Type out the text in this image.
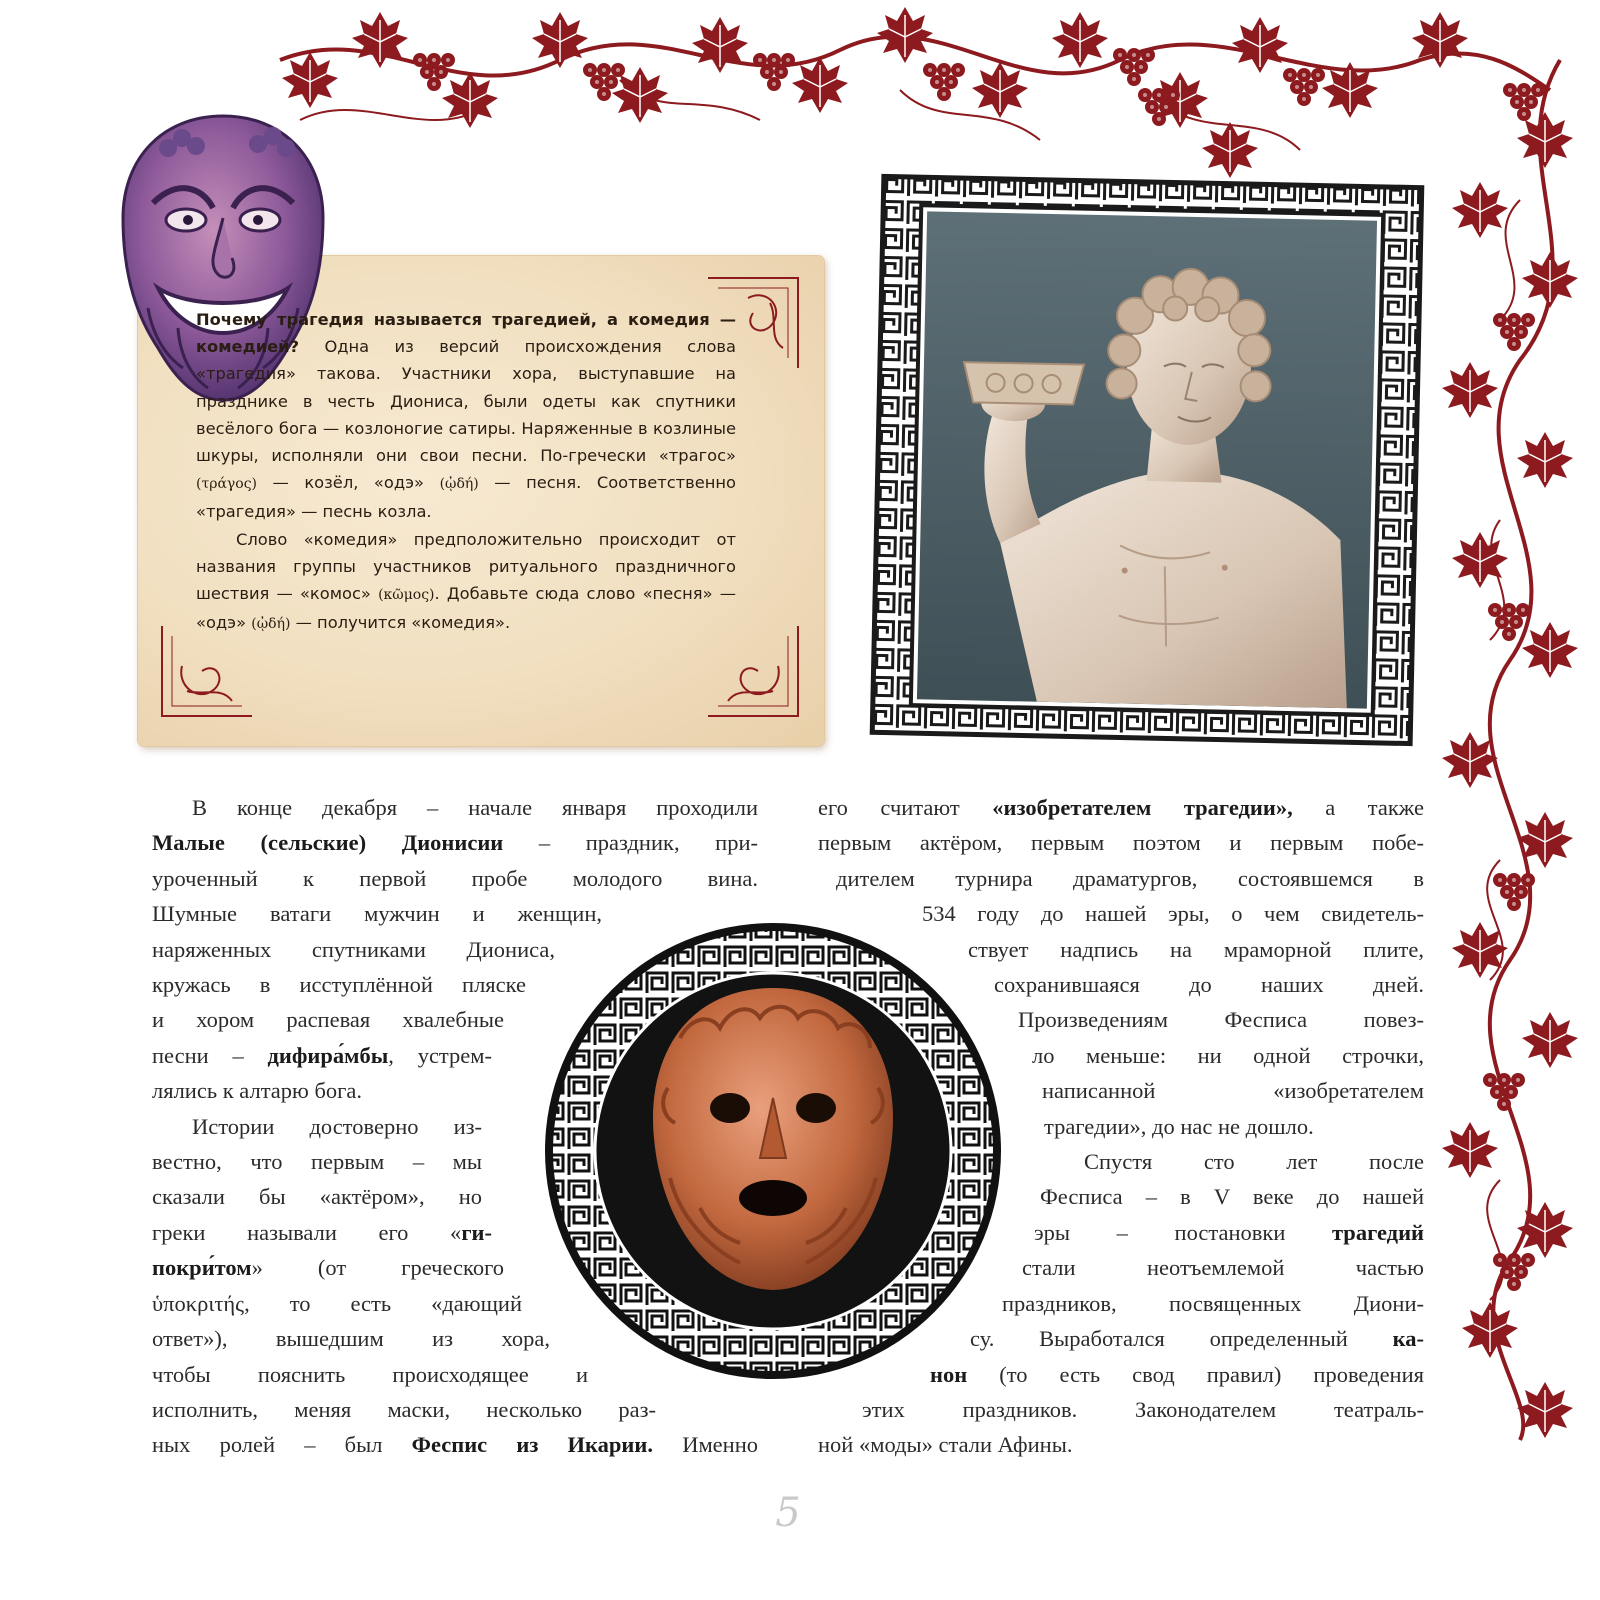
Почему трагедия называется трагедией, а комедия — комедией? Одна из версий происхождения слова «трагедия» такова. Участники хора, выступавшие на празднике в честь Диониса, были одеты как спутники весёлого бога — козлоногие сатиры. Наряженные в козлиные шкуры, исполняли они свои песни. По-гречески «трагос» (τράγος) — козёл, «одэ» (ᾠδή) — песня. Соответственно «трагедия» — песнь козла.

Слово «комедия» предположительно происходит от названия группы участников ритуального праздничного шествия — «комос» (κῶμος). Добавьте сюда слово «песня» — «одэ» (ᾠδή) — получится «комедия».

В конце декабря – начале января проходили
Малые (сельские) Дионисии – праздник, при-
уроченный к первой пробе молодого вина.
Шумные ватаги мужчин и женщин,
наряженных спутниками Диониса,
кружась в исступлённой пляске
и хором распевая хвалебные
песни – дифира́мбы, устрем-
лялись к алтарю бога.
Истории достоверно из-
вестно, что первым – мы
сказали бы «актёром», но
греки называли его «ги-
покри́том» (от греческого
ὑποκριτής, то есть «дающий
ответ»), вышедшим из хора,
чтобы пояснить происходящее и
исполнить, меняя маски, несколько раз-
ных ролей – был Феспис из Икарии. Именно
его считают «изобретателем трагедии», а также
первым актёром, первым поэтом и первым побе-
дителем турнира драматургов, состоявшемся в
534 году до нашей эры, о чем свидетель-
ствует надпись на мраморной плите,
сохранившаяся до наших дней.
Произведениям Фесписа повез-
ло меньше: ни одной строчки,
написанной «изобретателем
трагедии», до нас не дошло.
Спустя сто лет после
Фесписа – в V веке до нашей
эры – постановки трагедий
стали неотъемлемой частью
праздников, посвященных Диони-
су. Выработался определенный ка-
нон (то есть свод правил) проведения
этих праздников. Законодателем театраль-
ной «моды» стали Афины.
5
